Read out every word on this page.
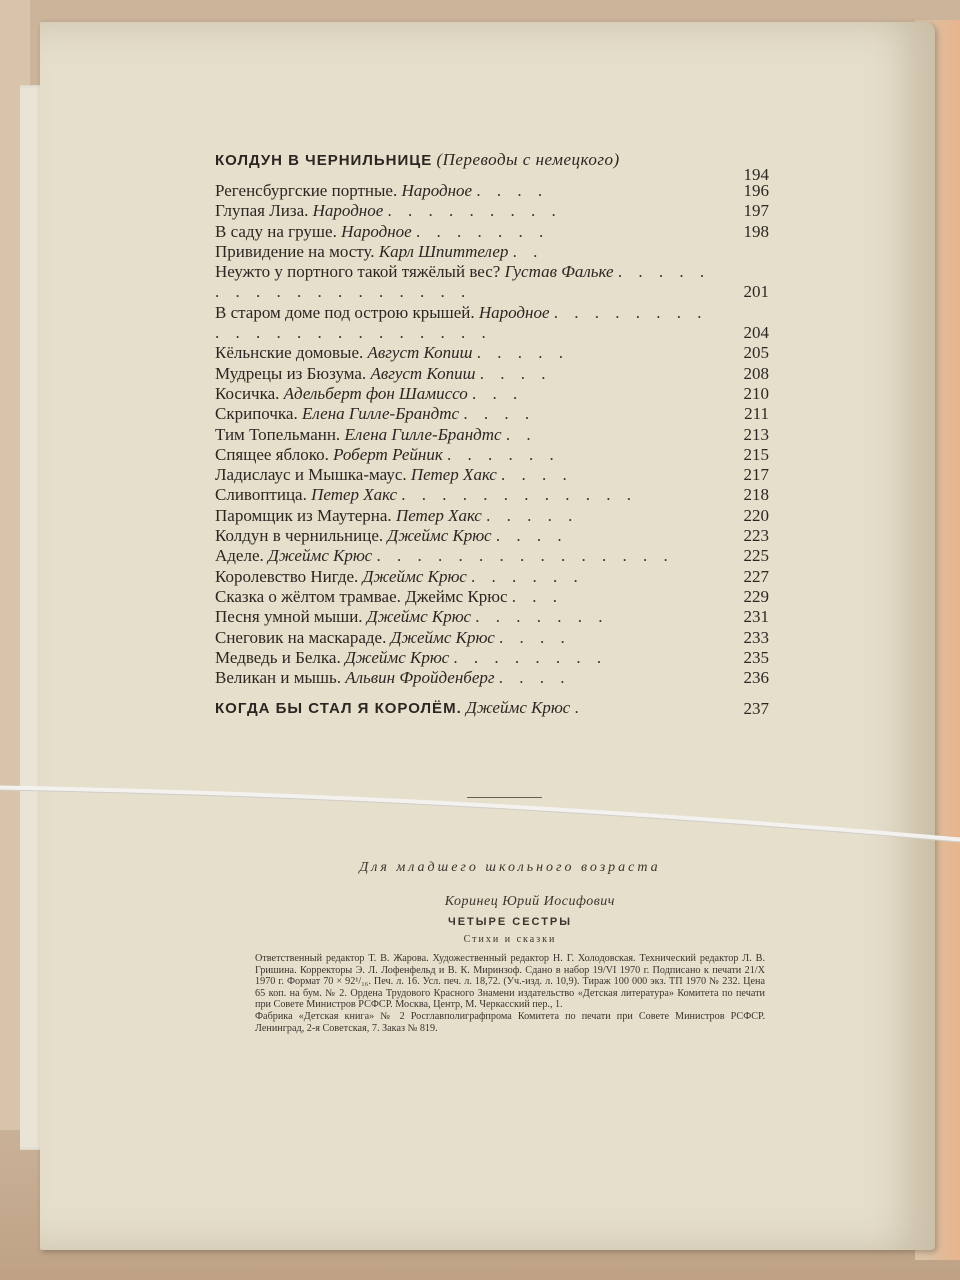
КОЛДУН В ЧЕРНИЛЬНИЦЕ (Переводы с немецкого)
194
Регенсбургские портные. Народное . . . .	196
Глупая Лиза. Народное . . . . . . . . .	197
В саду на груше. Народное . . . . . . .	198
Привидение на мосту. Карл Шпиттелер . .
Неужто у портного такой тяжёлый вес? Густав Фальке . . . . . . . . . . . . . . . . . .	201
В старом доме под острою крышей. Народное . . . . . . . . . . . . . . . . . . . . . .	204
Кёльнские домовые. Август Копиш . . . . .	205
Мудрецы из Бюзума. Август Копиш . . . .	208
Косичка. Адельберт фон Шамиссо . . .	210
Скрипочка. Елена Гилле-Брандтс . . . .	211
Тим Топельманн. Елена Гилле-Брандтс . .	213
Спящее яблоко. Роберт Рейник . . . . . .	215
Ладислаус и Мышка-маус. Петер Хакс . . . .	217
Сливоптица. Петер Хакс . . . . . . . . . . . .	218
Паромщик из Маутерна. Петер Хакс . . . . .	220
Колдун в чернильнице. Джеймс Крюс . . . .	223
Аделе. Джеймс Крюс . . . . . . . . . . . . . . .	225
Королевство Нигде. Джеймс Крюс . . . . . .	227
Сказка о жёлтом трамвае. Джеймс Крюс . . .	229
Песня умной мыши. Джеймс Крюс . . . . . . .	231
Снеговик на маскараде. Джеймс Крюс . . . .	233
Медведь и Белка. Джеймс Крюс . . . . . . . .	235
Великан и мышь. Альвин Фройденберг . . . .	236
КОГДА БЫ СТАЛ Я КОРОЛЁМ. Джеймс Крюс .	237
Для младшего школьного возраста
Коринец Юрий Иосифович
ЧЕТЫРЕ СЕСТРЫ
Стихи и сказки

Ответственный редактор Т. В. Жарова. Художественный редактор Н. Г. Холодовская. Технический редактор Л. В. Гришина. Корректоры Э. Л. Лофенфельд и В. К. Миринзоф. Сдано в набор 19/VI 1970 г. Подписано к печати 21/X 1970 г. Формат 70 × 92¹/₁₆. Печ. л. 16. Усл. печ. л. 18,72. (Уч.-изд. л. 10,9). Тираж 100 000 экз. ТП 1970 № 232. Цена 65 коп. на бум. № 2. Ордена Трудового Красного Знамени издательство «Детская литература» Комитета по печати при Совете Министров РСФСР. Москва, Центр, М. Черкасский пер., 1.

Фабрика «Детская книга» № 2 Росглавполиграфпрома Комитета по печати при Совете Министров РСФСР. Ленинград, 2-я Советская, 7. Заказ № 819.
